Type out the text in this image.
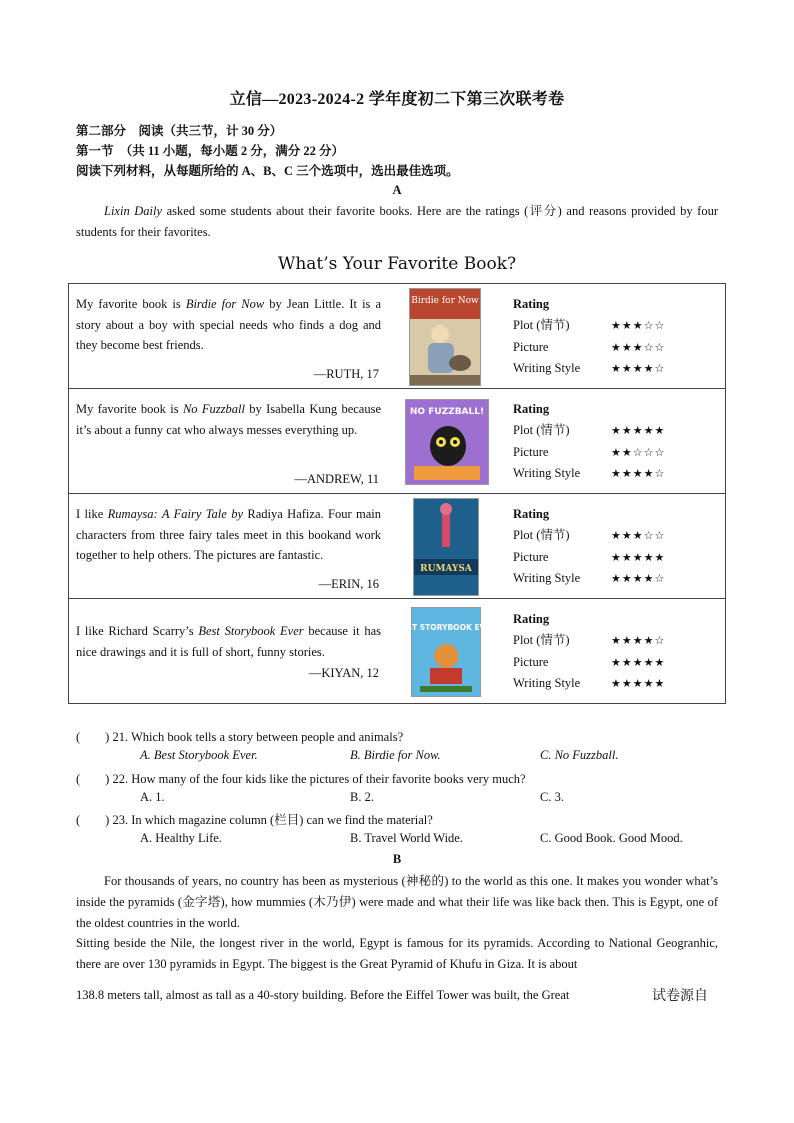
立信—2023-2024-2 学年度初二下第三次联考卷
第二部分　阅读（共三节，计 30 分）
第一节　（共 11 小题，每小题 2 分，满分 22 分）
阅读下列材料，从每题所给的 A、B、C 三个选项中，选出最佳选项。
A
Lixin Daily asked some students about their favorite books. Here are the ratings (评分) and reasons provided by four students for their favorites.
What’s Your Favorite Book?
My favorite book is Birdie for Now by Jean Little. It is a story about a boy with special needs who finds a dog and they become best friends.
—RUTH, 17
Birdie for Now	Rating
Plot (情节)	★★★☆☆
Picture	★★★☆☆
Writing Style	★★★★☆

My favorite book is No Fuzzball by Isabella Kung because it’s about a funny cat who always messes everything up.
—ANDREW, 11
NO FUZZBALL! Rating
Plot (情节)	★★★★★
Picture	★★☆☆☆
Writing Style	★★★★☆

I like Rumaysa: A Fairy Tale by Radiya Hafiza. Four main characters from three fairy tales meet in this bookand work together to help others. The pictures are fantastic.
—ERIN, 16
RUMAYSA
Rating
Plot (情节)	★★★☆☆
Picture	★★★★★
Writing Style	★★★★☆

I like Richard Scarry’s Best Storybook Ever because it has nice drawings and it is full of short, funny stories.
—KIYAN, 12
BEST STORYBOOK EVER
Rating
Plot (情节)	★★★★☆
Picture	★★★★★
Writing Style	★★★★★
(　　) 21. Which book tells a story between people and animals?
A. Best Storybook Ever.	B. Birdie for Now.	C. No Fuzzball.
(　　) 22. How many of the four kids like the pictures of their favorite books very much?
A. 1.	B. 2.	C. 3.
(　　) 23. In which magazine column (栏目) can we find the material?
A. Healthy Life.	B. Travel World Wide.	C. Good Book. Good Mood.
B
For thousands of years, no country has been as mysterious (神秘的) to the world as this one. It makes you wonder what’s inside the pyramids (金字塔), how mummies (木乃伊) were made and what their life was like back then. This is Egypt, one of the oldest countries in the world.
Sitting beside the Nile, the longest river in the world, Egypt is famous for its pyramids. According to National Geogranhic, there are over 130 pyramids in Egypt. The biggest is the Great Pyramid of Khufu in Giza. It is about
138.8 meters tall, almost as tall as a 40-story building. Before the Eiffel Tower was built, the Great	试卷源自
